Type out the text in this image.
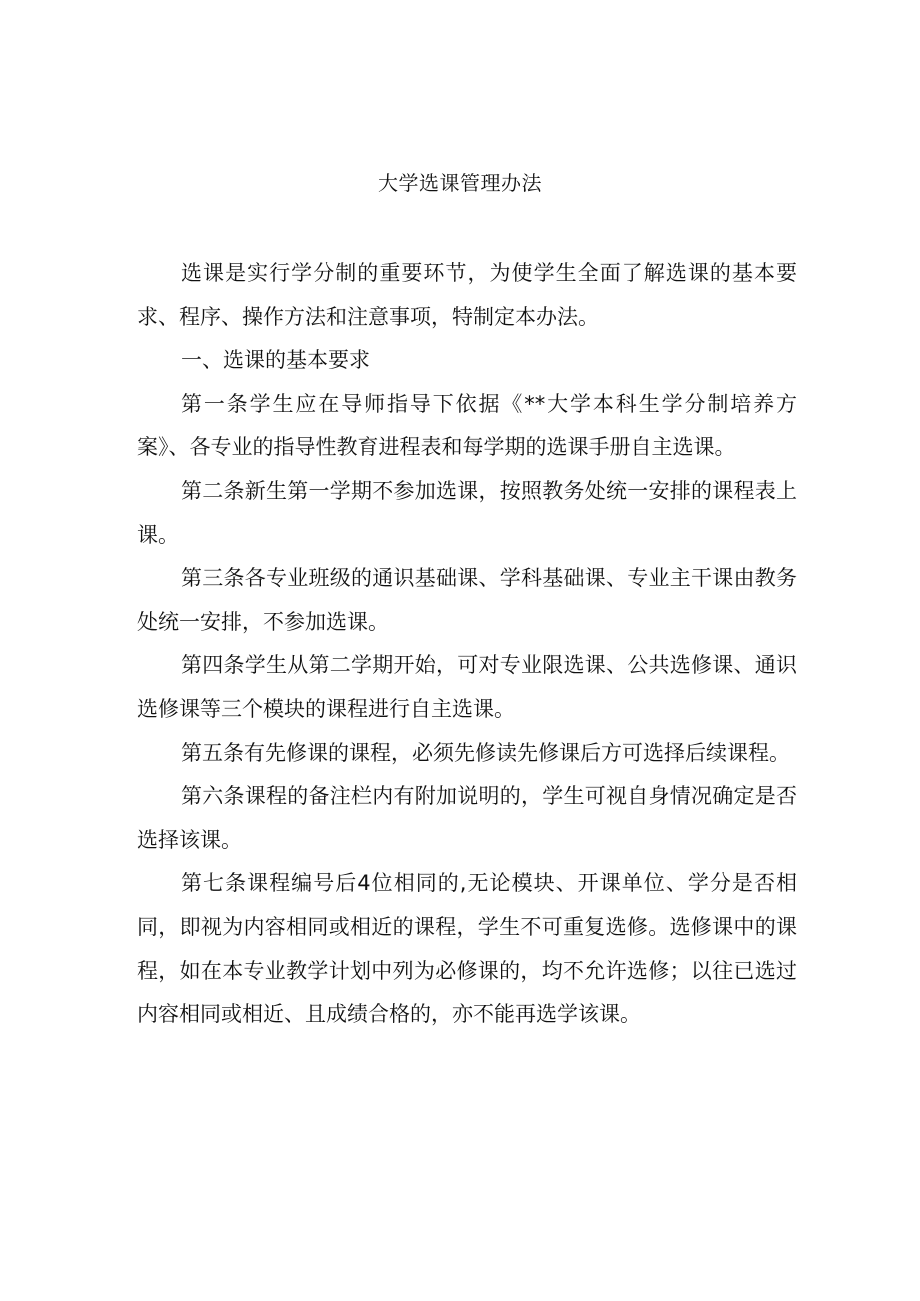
大学选课管理办法

选课是实行学分制的重要环节，为使学生全面了解选课的基本要求、程序、操作方法和注意事项，特制定本办法。

一、选课的基本要求

第一条学生应在导师指导下依据《**大学本科生学分制培养方案》、各专业的指导性教育进程表和每学期的选课手册自主选课。

第二条新生第一学期不参加选课，按照教务处统一安排的课程表上课。

第三条各专业班级的通识基础课、学科基础课、专业主干课由教务处统一安排，不参加选课。

第四条学生从第二学期开始，可对专业限选课、公共选修课、通识选修课等三个模块的课程进行自主选课。

第五条有先修课的课程，必须先修读先修课后方可选择后续课程。

第六条课程的备注栏内有附加说明的，学生可视自身情况确定是否选择该课。

第七条课程编号后4位相同的,无论模块、开课单位、学分是否相同，即视为内容相同或相近的课程，学生不可重复选修。选修课中的课程，如在本专业教学计划中列为必修课的，均不允许选修；以往已选过内容相同或相近、且成绩合格的，亦不能再选学该课。
